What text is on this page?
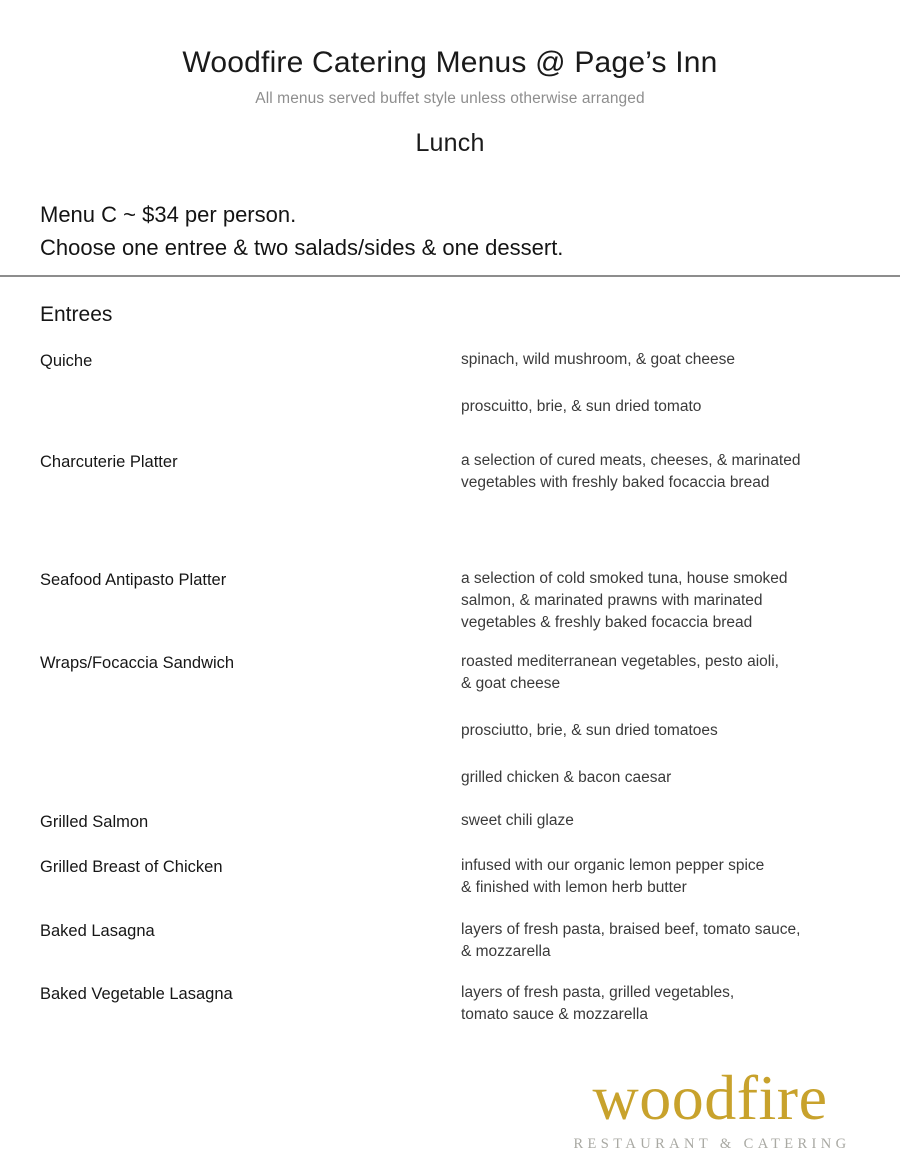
Woodfire Catering Menus @ Page’s Inn

All menus served buffet style unless otherwise arranged

Lunch
Menu C ~ $34 per person.
Choose one entree & two salads/sides & one dessert.
Entrees
Quiche	spinach, wild mushroom, & goat cheese
proscuitto, brie, & sun dried tomato
Charcuterie Platter	a selection of cured meats, cheeses, & marinated
vegetables with freshly baked focaccia bread
Seafood Antipasto Platter	a selection of cold smoked tuna, house smoked
salmon, & marinated prawns with marinated
vegetables & freshly baked focaccia bread
Wraps/Focaccia Sandwich	roasted mediterranean vegetables, pesto aioli,
& goat cheese
prosciutto, brie, & sun dried tomatoes
grilled chicken & bacon caesar
Grilled Salmon	sweet chili glaze
Grilled Breast of Chicken	infused with our organic lemon pepper spice
& finished with lemon herb butter
Baked Lasagna	layers of fresh pasta, braised beef, tomato sauce,
& mozzarella
Baked Vegetable Lasagna	layers of fresh pasta, grilled vegetables,
tomato sauce & mozzarella
woodfire
RESTAURANT & CATERING
